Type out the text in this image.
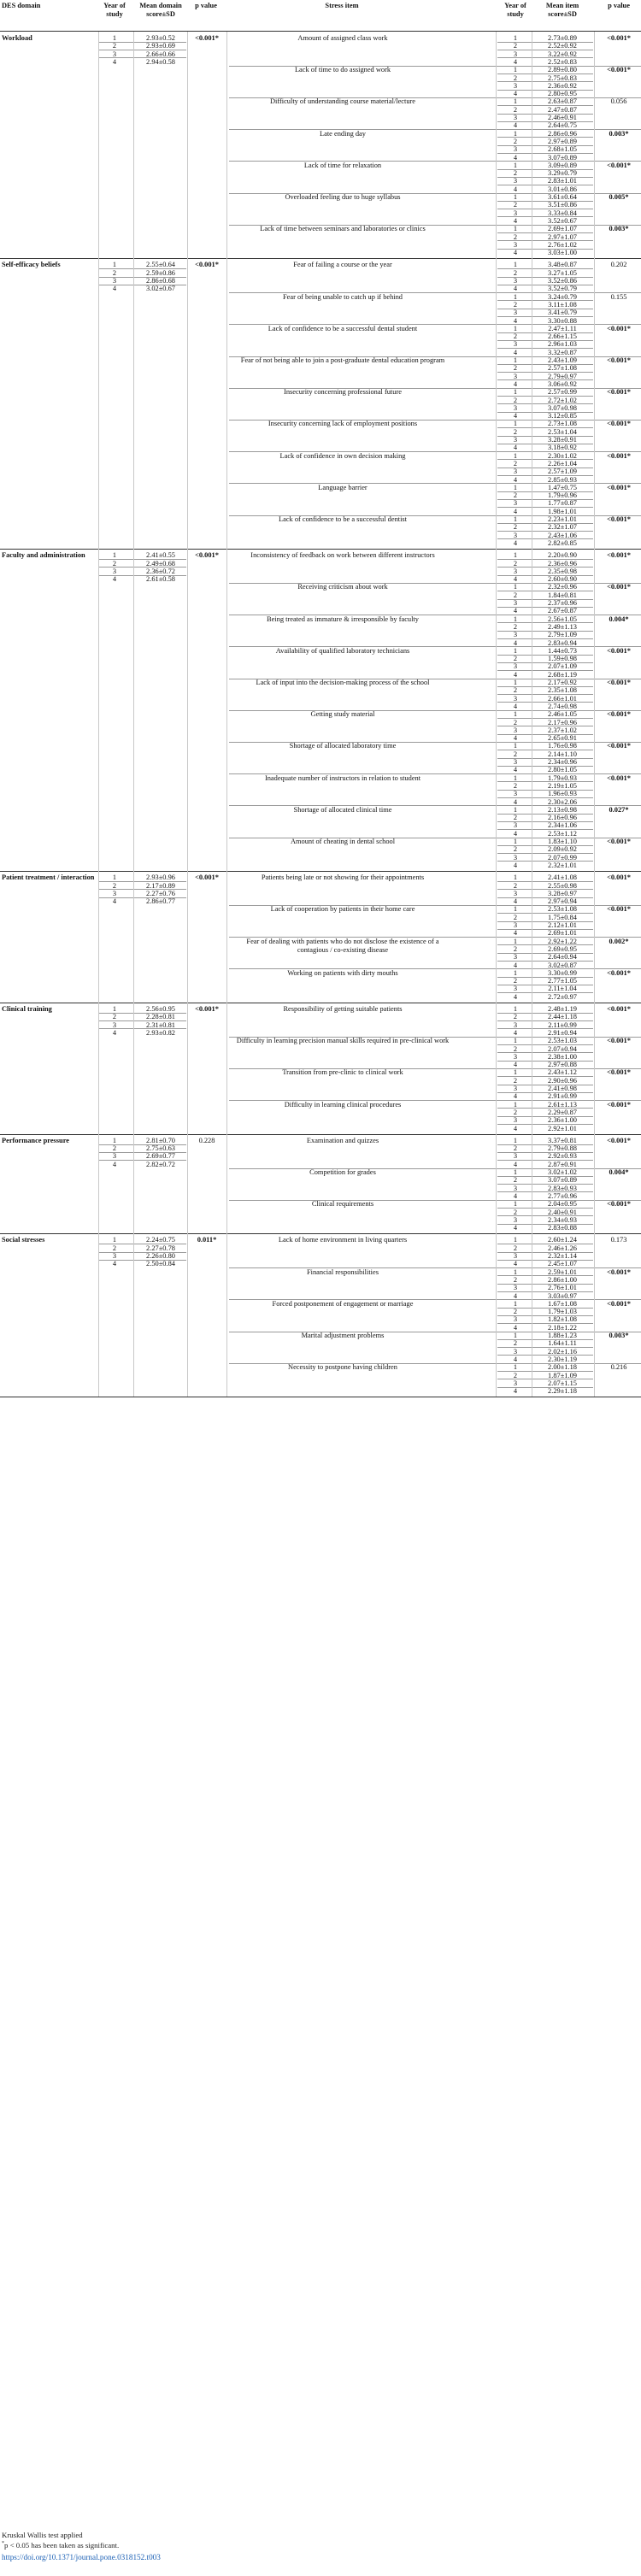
DES domain	Year of study
Mean domain score±SD
p value	Stress item	Year of study
Mean item score±SD
p value
Workload	1	2.93±0.52
2	2.93±0.69
3	2.66±0.66
4	2.94±0.58
<0.001*	Amount of assigned class work	1	2.73±0.89
2	2.52±0.92
3	3.22±0.92
4	2.52±0.83
<0.001*
Lack of time to do assigned work	1	2.89±0.80
2	2.75±0.83
3	2.36±0.92
4	2.80±0.95
<0.001*
Difficulty of understanding course material/lecture	1	2.63±0.87
2	2.47±0.87
3	2.46±0.91
4	2.64±0.75
0.056
Late ending day	1	2.86±0.96
2	2.97±0.89
3	2.68±1.05
4	3.07±0.89
0.003*
Lack of time for relaxation	1	3.09±0.89
2	3.29±0.79
3	2.83±1.01
4	3.01±0.86
<0.001*
Overloaded feeling due to huge syllabus	1	3.61±0.64
2	3.51±0.86
3	3.33±0.84
4	3.52±0.67
0.005*
Lack of time between seminars and laboratories or clinics	1	2.69±1.07
2	2.97±1.07
3	2.76±1.02
4	3.03±1.00
0.003*
Self-efficacy beliefs	1	2.55±0.64
2	2.59±0.86
3	2.86±0.68
4	3.02±0.67
<0.001*	Fear of failing a course or the year	1	3.48±0.87
2	3.27±1.05
3	3.52±0.86
4	3.52±0.79
0.202
Fear of being unable to catch up if behind	1	3.24±0.79
2	3.11±1.08
3	3.41±0.79
4	3.30±0.88
0.155
Lack of confidence to be a successful dental student	1	2.47±1.11
2	2.66±1.15
3	2.96±1.03
4	3.32±0.87
<0.001*
Fear of not being able to join a post-graduate dental education program	1	2.43±1.09
2	2.57±1.08
3	2.79±0.97
4	3.06±0.92
<0.001*
Insecurity concerning professional future	1	2.57±0.99
2	2.72±1.02
3	3.07±0.98
4	3.12±0.85
<0.001*
Insecurity concerning lack of employment positions	1	2.73±1.08
2	2.53±1.04
3	3.28±0.91
4	3.18±0.92
<0.001*
Lack of confidence in own decision making	1	2.30±1.02
2	2.26±1.04
3	2.57±1.09
4	2.85±0.93
<0.001*
Language barrier	1	1.47±0.75
2	1.79±0.96
3	1.77±0.87
4	1.98±1.01
<0.001*
Lack of confidence to be a successful dentist	1	2.23±1.01
2	2.32±1.07
3	2.43±1.06
4	2.82±0.85
<0.001*
Faculty and administration	1	2.41±0.55
2	2.49±0.68
3	2.36±0.72
4	2.61±0.58
<0.001*	Inconsistency of feedback on work between different instructors	1	2.20±0.90
2	2.36±0.96
3	2.35±0.98
4	2.60±0.90
<0.001*
Receiving criticism about work	1	2.32±0.96
2	1.84±0.81
3	2.37±0.96
4	2.67±0.87
<0.001*
Being treated as immature & irresponsible by faculty	1	2.56±1.05
2	2.49±1.13
3	2.79±1.09
4	2.83±0.94
0.004*
Availability of qualified laboratory technicians	1	1.44±0.73
2	1.59±0.98
3	2.07±1.09
4	2.68±1.19
<0.001*
Lack of input into the decision-making process of the school	1	2.17±0.92
2	2.35±1.08
3	2.66±1.01
4	2.74±0.98
<0.001*
Getting study material	1	2.46±1.05
2	2.17±0.96
3	2.37±1.02
4	2.65±0.91
<0.001*
Shortage of allocated laboratory time	1	1.76±0.98
2	2.14±1.10
3	2.34±0.96
4	2.80±1.05
<0.001*
Inadequate number of instructors in relation to student	1	1.79±0.93
2	2.19±1.05
3	1.96±0.93
4	2.30±2.06
<0.001*
Shortage of allocated clinical time	1	2.13±0.98
2	2.16±0.96
3	2.34±1.06
4	2.53±1.12
0.027*
Amount of cheating in dental school	1	1.83±1.10
2	2.09±0.92
3	2.07±0.99
4	2.32±1.01
<0.001*
Patient treatment / interaction	1	2.93±0.96
2	2.17±0.89
3	2.27±0.76
4	2.86±0.77
<0.001*	Patients being late or not showing for their appointments	1	2.41±1.08
2	2.55±0.98
3	3.28±0.97
4	2.97±0.94
<0.001*
Lack of cooperation by patients in their home care	1	2.53±1.08
2	1.75±0.84
3	2.12±1.01
4	2.69±1.01
<0.001*
Fear of dealing with patients who do not disclose the existence of a contagious / co-existing disease
1	2.92±1.22
2	2.69±0.95
3	2.64±0.94
4	3.02±0.87
0.002*
Working on patients with dirty mouths	1	3.30±0.99
2	2.77±1.05
3	2.11±1.04
4	2.72±0.97
<0.001*
Clinical training	1	2.56±0.95
2	2.28±0.81
3	2.31±0.81
4	2.93±0.82
<0.001*	Responsibility of getting suitable patients	1	2.48±1.19
2	2.44±1.18
3	2.11±0.99
4	2.91±0.94
<0.001*
Difficulty in learning precision manual skills required in pre-clinical work	1	2.53±1.03
2	2.07±0.94
3	2.38±1.00
4	2.97±0.88
<0.001*
Transition from pre-clinic to clinical work	1	2.43±1.12
2	2.90±0.96
3	2.41±0.98
4	2.91±0.99
<0.001*
Difficulty in learning clinical procedures	1	2.61±1.13
2	2.29±0.87
3	2.36±1.00
4	2.92±1.01
<0.001*
Performance pressure	1	2.81±0.70
2	2.75±0.63
3	2.69±0.77
4	2.82±0.72
0.228	Examination and quizzes	1	3.37±0.81
2	2.79±0.88
3	2.92±0.93
4	2.87±0.91
<0.001*
Competition for grades	1	3.02±1.02
2	3.07±0.89
3	2.83±0.93
4	2.77±0.96
0.004*
Clinical requirements	1	2.04±0.95
2	2.40±0.91
3	2.34±0.93
4	2.83±0.88
<0.001*
Social stresses	1	2.24±0.75
2	2.27±0.78
3	2.26±0.80
4	2.50±0.84
0.011*	Lack of home environment in living quarters	1	2.60±1.24
2	2.46±1.26
3	2.32±1.14
4	2.45±1.07
0.173
Financial responsibilities	1	2.59±1.01
2	2.86±1.00
3	2.76±1.01
4	3.03±0.97
<0.001*
Forced postponement of engagement or marriage	1	1.67±1.08
2	1.79±1.03
3	1.82±1.08
4	2.18±1.22
<0.001*
Marital adjustment problems	1	1.88±1.23
2	1.64±1.11
3	2.02±1.16
4	2.30±1.19
0.003*
Necessity to postpone having children	1	2.00±1.18
2	1.87±1.09
3	2.07±1.15
4	2.29±1.18
0.216
Kruskal Wallis test applied
*p < 0.05 has been taken as significant.
https://doi.org/10.1371/journal.pone.0318152.t003
